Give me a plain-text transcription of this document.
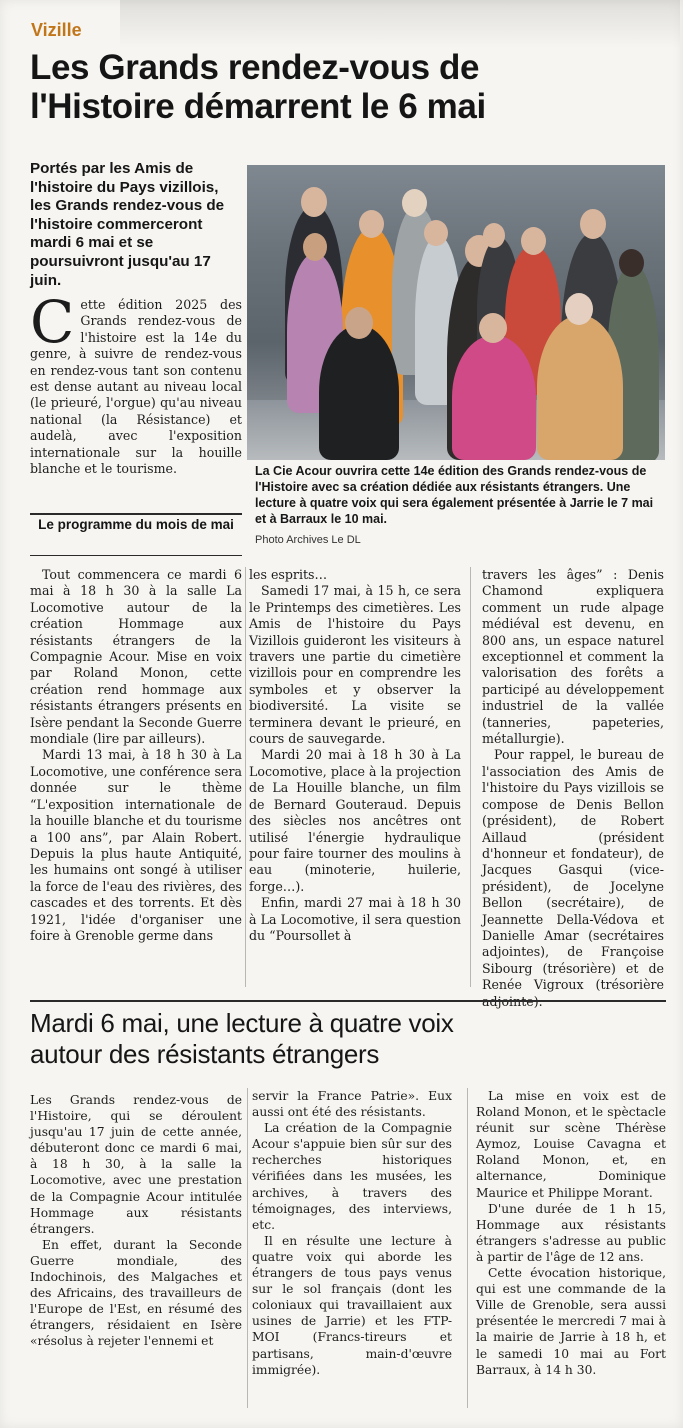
Vizille
Les Grands rendez-vous de
l'Histoire démarrent le 6 mai
Portés par les Amis de l'histoire du Pays vizillois, les Grands rendez-vous de l'histoire commerceront mardi 6 mai et se poursuivront jusqu'au 17 juin.
La Cie Acour ouvrira cette 14e édition des Grands rendez-vous de l'Histoire avec sa création dédiée aux résistants étrangers. Une lecture à quatre voix qui sera également présentée à Jarrie le 7 mai et à Barraux le 10 mai.
Photo Archives Le DL
Cette édition 2025 des Grands rendez-vous de l'histoire est la 14e du genre, à suivre de rendez-vous en rendez-vous tant son contenu est dense autant au niveau local (le prieuré, l'orgue) qu'au niveau national (la Résistance) et audelà, avec l'exposition internationale sur la houille blanche et le tourisme.
Le programme du mois de mai

Tout commencera ce mardi 6 mai à 18 h 30 à la salle La Locomotive autour de la création Hommage aux résistants étrangers de la Compagnie Acour. Mise en voix par Roland Monon, cette création rend hommage aux résistants étrangers présents en Isère pendant la Seconde Guerre mondiale (lire par ailleurs).

Mardi 13 mai, à 18 h 30 à La Locomotive, une conférence sera donnée sur le thème “L'exposition internationale de la houille blanche et du tourisme a 100 ans”, par Alain Robert. Depuis la plus haute Antiquité, les humains ont songé à utiliser la force de l'eau des rivières, des cascades et des torrents. Et dès 1921, l'idée d'organiser une foire à Grenoble germe dans

les esprits…

Samedi 17 mai, à 15 h, ce sera le Printemps des cimetières. Les Amis de l'histoire du Pays Vizillois guideront les visiteurs à travers une partie du cimetière vizillois pour en comprendre les symboles et y observer la biodiversité. La visite se terminera devant le prieuré, en cours de sauvegarde.

Mardi 20 mai à 18 h 30 à La Locomotive, place à la projection de La Houille blanche, un film de Bernard Gouteraud. Depuis des siècles nos ancêtres ont utilisé l'énergie hydraulique pour faire tourner des moulins à eau (minoterie, huilerie, forge…).

Enfin, mardi 27 mai à 18 h 30 à La Locomotive, il sera question du “Poursollet à

travers les âges” : Denis Chamond expliquera comment un rude alpage médiéval est devenu, en 800 ans, un espace naturel exceptionnel et comment la valorisation des forêts a participé au développement industriel de la vallée (tanneries, papeteries, métallurgie).

Pour rappel, le bureau de l'association des Amis de l'histoire du Pays vizillois se compose de Denis Bellon (président), de Robert Aillaud (président d'honneur et fondateur), de Jacques Gasqui (vice-président), de Jocelyne Bellon (secrétaire), de Jeannette Della-Védova et Danielle Amar (secrétaires adjointes), de Françoise Sibourg (trésorière) et de Renée Vigroux (trésorière

Mardi 6 mai, une lecture à quatre voix
autour des résistants étrangers

Les Grands rendez-vous de l'Histoire, qui se déroulent jusqu'au 17 juin de cette année, débuteront donc ce mardi 6 mai, à 18 h 30, à la salle la Locomotive, avec une prestation de la Compagnie Acour intitulée Hommage aux résistants étrangers.

En effet, durant la Seconde Guerre mondiale, des Indochinois, des Malgaches et des Africains, des travailleurs de l'Europe de l'Est, en résumé des étrangers, résidaient en Isère «résolus à rejeter l'ennemi et

servir la France Patrie». Eux aussi ont été des résistants.

La création de la Compagnie Acour s'appuie bien sûr sur des recherches historiques vérifiées dans les musées, les archives, à travers des témoignages, des interviews, etc.

Il en résulte une lecture à quatre voix qui aborde les étrangers de tous pays venus sur le sol français (dont les coloniaux qui travaillaient aux usines de Jarrie) et les FTP-MOI (Francs-tireurs et partisans, main-d'œuvre immigrée).

La mise en voix est de Roland Monon, et le spèctacle réunit sur scène Thérèse Aymoz, Louise Cavagna et Roland Monon, et, en alternance, Dominique Maurice et Philippe Morant.

D'une durée de 1 h 15, Hommage aux résistants étrangers s'adresse au public à partir de l'âge de 12 ans.

Cette évocation historique, qui est une commande de la Ville de Grenoble, sera aussi présentée le mercredi 7 mai à la mairie de Jarrie à 18 h, et le samedi 10 mai au Fort Barraux, à 14 h 30.
